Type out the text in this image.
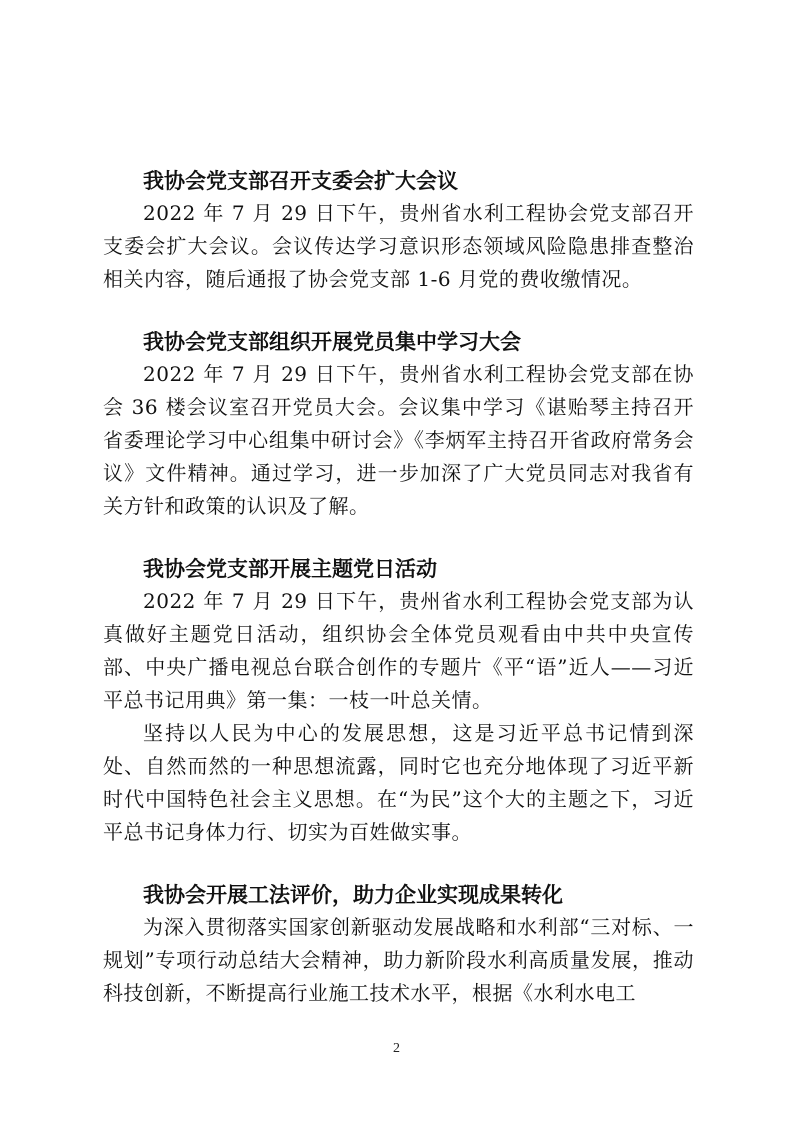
我协会党支部召开支委会扩大会议

2022 年 7 月 29 日下午，贵州省水利工程协会党支部召开支委会扩大会议。会议传达学习意识形态领域风险隐患排查整治相关内容，随后通报了协会党支部 1-6 月党的费收缴情况。

我协会党支部组织开展党员集中学习大会

2022 年 7 月 29 日下午，贵州省水利工程协会党支部在协会 36 楼会议室召开党员大会。会议集中学习《谌贻琴主持召开省委理论学习中心组集中研讨会》《李炳军主持召开省政府常务会议》文件精神。通过学习，进一步加深了广大党员同志对我省有关方针和政策的认识及了解。

我协会党支部开展主题党日活动

2022 年 7 月 29 日下午，贵州省水利工程协会党支部为认真做好主题党日活动，组织协会全体党员观看由中共中央宣传部、中央广播电视总台联合创作的专题片《平“语”近人——习近平总书记用典》第一集：一枝一叶总关情。

坚持以人民为中心的发展思想，这是习近平总书记情到深处、自然而然的一种思想流露，同时它也充分地体现了习近平新时代中国特色社会主义思想。在“为民”这个大的主题之下，习近平总书记身体力行、切实为百姓做实事。

我协会开展工法评价，助力企业实现成果转化

为深入贯彻落实国家创新驱动发展战略和水利部“三对标、一规划”专项行动总结大会精神，助力新阶段水利高质量发展，推动科技创新，不断提高行业施工技术水平，根据《水利水电工

2
